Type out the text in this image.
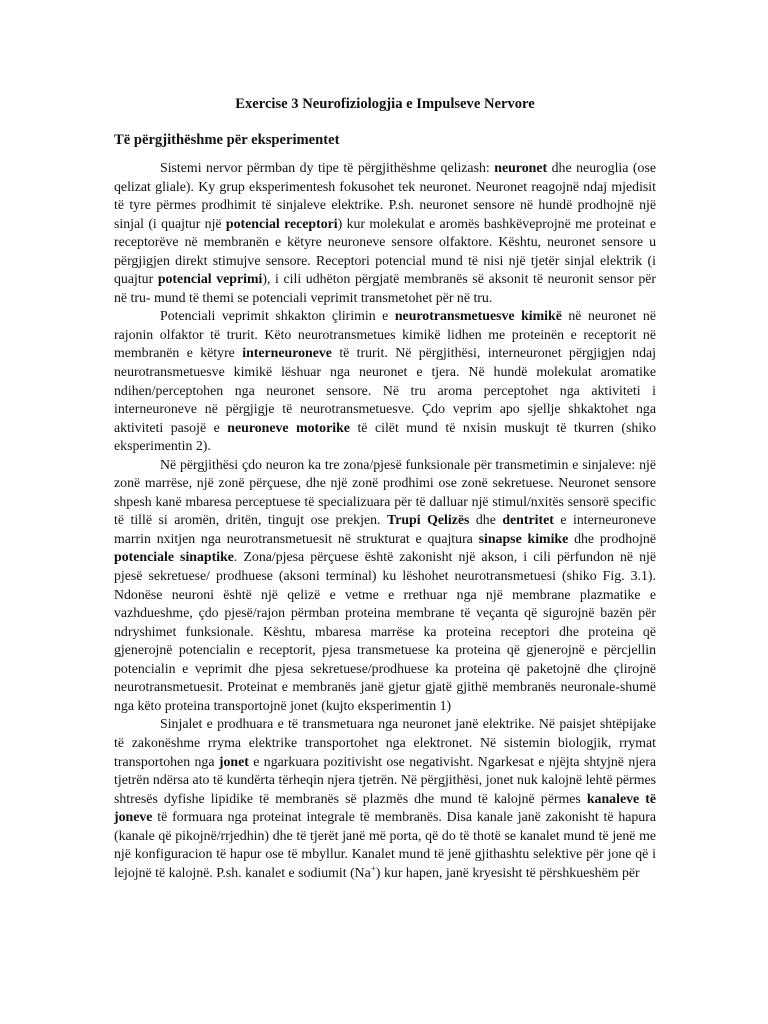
Exercise 3 Neurofiziologjia e Impulseve Nervore
Të përgjithëshme për eksperimentet

Sistemi nervor përmban dy tipe të përgjithëshme qelizash: neuronet dhe neuroglia (ose qelizat gliale). Ky grup eksperimentesh fokusohet tek neuronet. Neuronet reagojnë ndaj mjedisit të tyre përmes prodhimit të sinjaleve elektrike. P.sh. neuronet sensore në hundë prodhojnë një sinjal (i quajtur një potencial receptori) kur molekulat e aromës bashkëveprojnë me proteinat e receptorëve në membranën e këtyre neuroneve sensore olfaktore. Kështu, neuronet sensore u përgjigjen direkt stimujve sensore. Receptori potencial mund të nisi një tjetër sinjal elektrik (i quajtur potencial veprimi), i cili udhëton përgjatë membranës së aksonit të neuronit sensor për në tru- mund të themi se potenciali veprimit transmetohet për në tru.

Potenciali veprimit shkakton çlirimin e neurotransmetuesve kimikë në neuronet në rajonin olfaktor të trurit. Këto neurotransmetues kimikë lidhen me proteinën e receptorit në membranën e këtyre interneuroneve të trurit. Në përgjithësi, interneuronet përgjigjen ndaj neurotransmetuesve kimikë lëshuar nga neuronet e tjera. Në hundë molekulat aromatike ndihen/perceptohen nga neuronet sensore. Në tru aroma perceptohet nga aktiviteti i interneuroneve në përgjigje të neurotransmetuesve. Çdo veprim apo sjellje shkaktohet nga aktiviteti pasojë e neuroneve motorike të cilët mund të nxisin muskujt të tkurren (shiko eksperimentin 2).

Në përgjithësi çdo neuron ka tre zona/pjesë funksionale për transmetimin e sinjaleve: një zonë marrëse, një zonë përçuese, dhe një zonë prodhimi ose zonë sekretuese. Neuronet sensore shpesh kanë mbaresa perceptuese të specializuara për të dalluar një stimul/nxitës sensorë specific të tillë si aromën, dritën, tingujt ose prekjen. Trupi Qelizës dhe dentritet e interneuroneve marrin nxitjen nga neurotransmetuesit në strukturat e quajtura sinapse kimike dhe prodhojnë potenciale sinaptike. Zona/pjesa përçuese është zakonisht një akson, i cili përfundon në një pjesë sekretuese/ prodhuese (aksoni terminal) ku lëshohet neurotransmetuesi (shiko Fig. 3.1). Ndonëse neuroni është një qelizë e vetme e rrethuar nga një membrane plazmatike e vazhdueshme, çdo pjesë/rajon përmban proteina membrane të veçanta që sigurojnë bazën për ndryshimet funksionale. Kështu, mbaresa marrëse ka proteina receptori dhe proteina që gjenerojnë potencialin e receptorit, pjesa transmetuese ka proteina që gjenerojnë e përcjellin potencialin e veprimit dhe pjesa sekretuese/prodhuese ka proteina që paketojnë dhe çlirojnë neurotransmetuesit. Proteinat e membranës janë gjetur gjatë gjithë membranës neuronale-shumë nga këto proteina transportojnë jonet (kujto eksperimentin 1)

Sinjalet e prodhuara e të transmetuara nga neuronet janë elektrike. Në paisjet shtëpijake të zakonëshme rryma elektrike transportohet nga elektronet. Në sistemin biologjik, rrymat transportohen nga jonet e ngarkuara pozitivisht ose negativisht. Ngarkesat e njëjta shtyjnë njera tjetrën ndërsa ato të kundërta tërheqin njera tjetrën. Në përgjithësi, jonet nuk kalojnë lehtë përmes shtresës dyfishe lipidike të membranës së plazmës dhe mund të kalojnë përmes kanaleve të joneve të formuara nga proteinat integrale të membranës. Disa kanale janë zakonisht të hapura (kanale që pikojnë/rrjedhin) dhe të tjerët janë më porta, që do të thotë se kanalet mund të jenë me një konfiguracion të hapur ose të mbyllur. Kanalet mund të jenë gjithashtu selektive për jone që i lejojnë të kalojnë. P.sh. kanalet e sodiumit (Na+) kur hapen, janë kryesisht të përshkueshëm për
